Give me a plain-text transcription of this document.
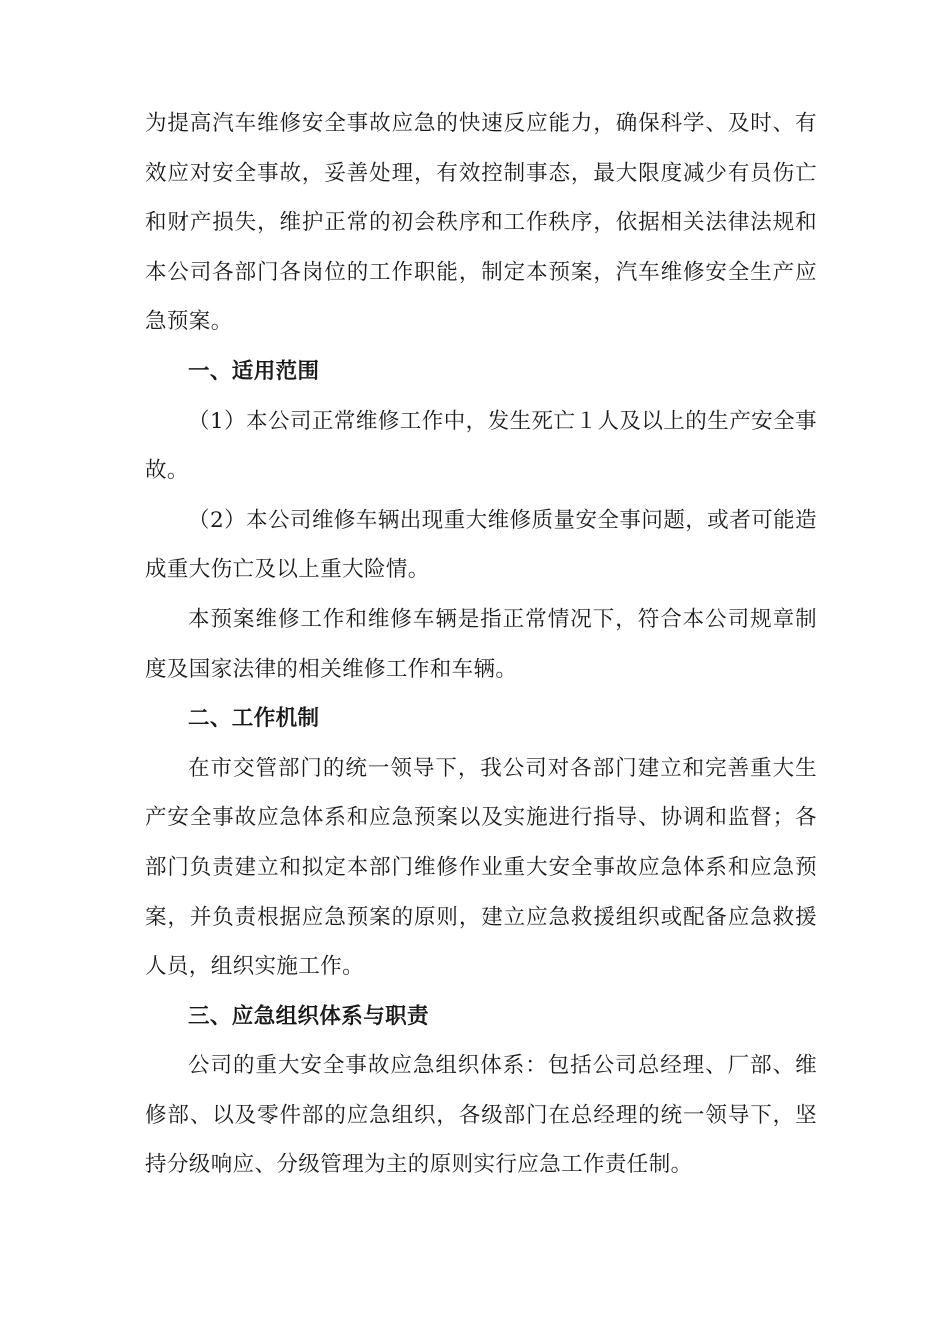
为提高汽车维修安全事故应急的快速反应能力，确保科学、及时、有效应对安全事故，妥善处理，有效控制事态，最大限度减少有员伤亡和财产损失，维护正常的初会秩序和工作秩序，依据相关法律法规和本公司各部门各岗位的工作职能，制定本预案，汽车维修安全生产应急预案。

一、适用范围

（1）本公司正常维修工作中，发生死亡１人及以上的生产安全事故。

（2）本公司维修车辆出现重大维修质量安全事问题，或者可能造成重大伤亡及以上重大险情。

本预案维修工作和维修车辆是指正常情况下，符合本公司规章制度及国家法律的相关维修工作和车辆。

二、工作机制

在市交管部门的统一领导下，我公司对各部门建立和完善重大生产安全事故应急体系和应急预案以及实施进行指导、协调和监督；各部门负责建立和拟定本部门维修作业重大安全事故应急体系和应急预案，并负责根据应急预案的原则，建立应急救援组织或配备应急救援人员，组织实施工作。

三、应急组织体系与职责

公司的重大安全事故应急组织体系：包括公司总经理、厂部、维修部、以及零件部的应急组织，各级部门在总经理的统一领导下，坚持分级响应、分级管理为主的原则实行应急工作责任制。
